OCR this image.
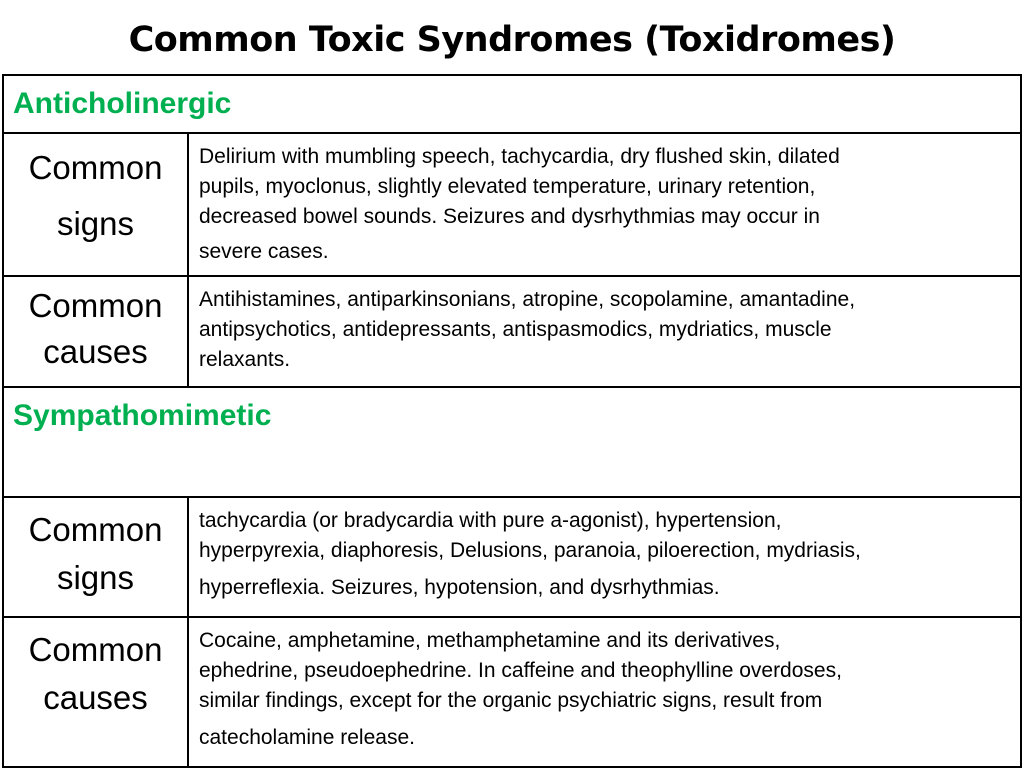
Common Toxic Syndromes (Toxidromes)
Anticholinergic	

Common
signs	Delirium with mumbling speech, tachycardia, dry flushed skin, dilated
pupils, myoclonus, slightly elevated temperature, urinary retention,
decreased bowel sounds. Seizures and dysrhythmias may occur in
severe cases.

Common
causes	Antihistamines, antiparkinsonians, atropine, scopolamine, amantadine,
antipsychotics, antidepressants, antispasmodics, mydriatics, muscle
relaxants.

Sympathomimetic	

Common
signs	tachycardia (or bradycardia with pure a-agonist), hypertension,
hyperpyrexia, diaphoresis, Delusions, paranoia, piloerection, mydriasis,
hyperreflexia. Seizures, hypotension, and dysrhythmias.

Common
causes	Cocaine, amphetamine, methamphetamine and its derivatives,
ephedrine, pseudoephedrine. In caffeine and theophylline overdoses,
similar findings, except for the organic psychiatric signs, result from
catecholamine release.
